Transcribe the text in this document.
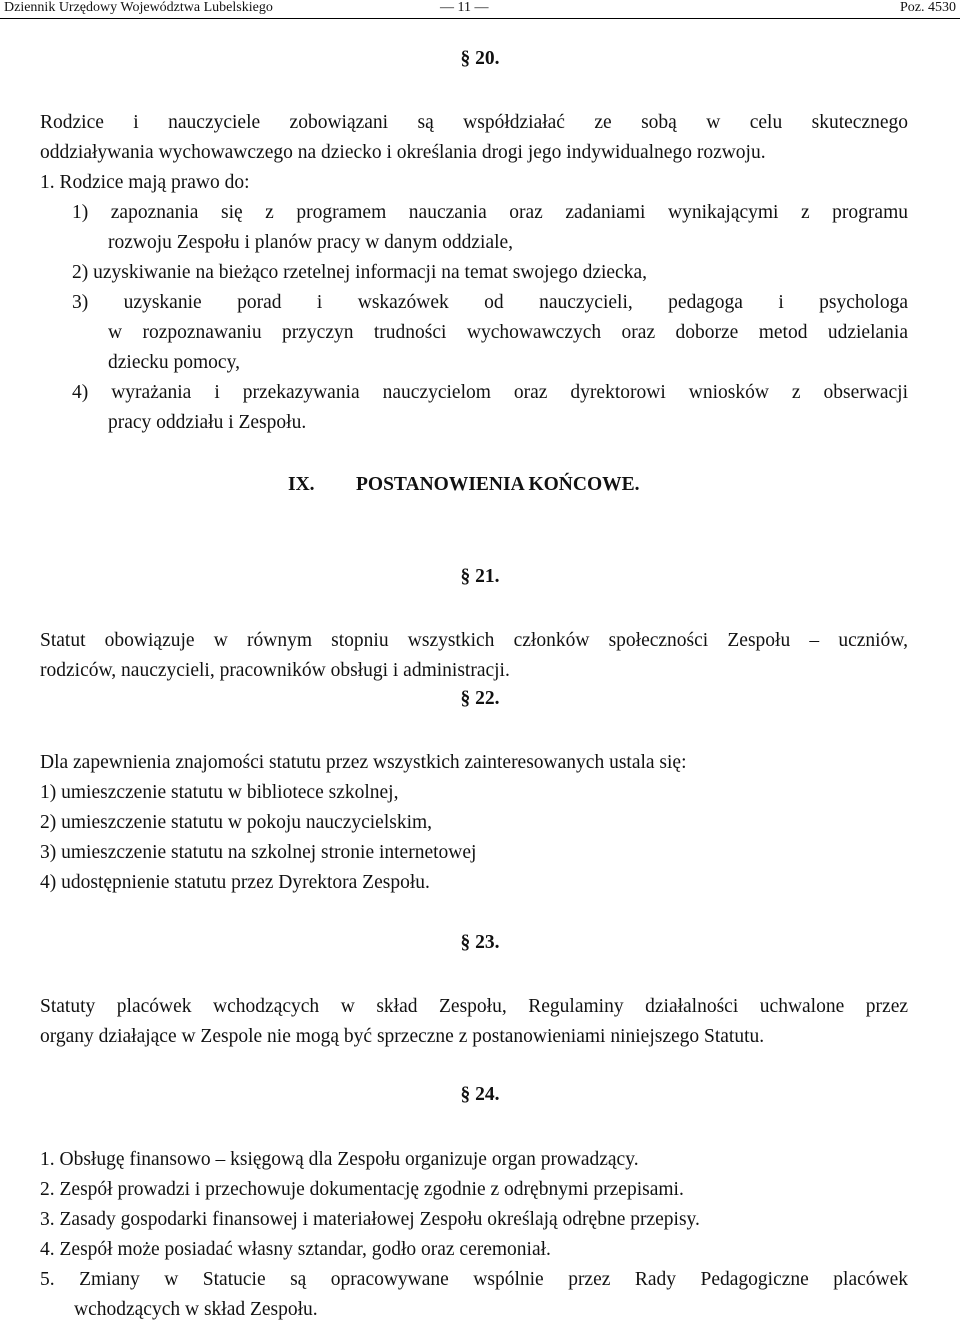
Dziennik Urzędowy Województwa Lubelskiego	— 11 —	Poz. 4530
§ 20.
Rodzice i nauczyciele zobowiązani są współdziałać ze sobą w celu skutecznego
oddziaływania wychowawczego na dziecko i określania drogi jego indywidualnego rozwoju.
1. Rodzice mają prawo do:
1) zapoznania się z programem nauczania oraz zadaniami wynikającymi z programu
rozwoju Zespołu i planów pracy w danym oddziale,
2) uzyskiwanie na bieżąco rzetelnej informacji na temat swojego dziecka,
3) uzyskanie porad i wskazówek od nauczycieli, pedagoga i psychologa
w rozpoznawaniu przyczyn trudności wychowawczych oraz doborze metod udzielania
dziecku pomocy,
4) wyrażania i przekazywania nauczycielom oraz dyrektorowi wniosków z obserwacji
pracy oddziału i Zespołu.
IX. POSTANOWIENIA KOŃCOWE.
§ 21.
Statut obowiązuje w równym stopniu wszystkich członków społeczności Zespołu – uczniów,
rodziców, nauczycieli, pracowników obsługi i administracji.
§ 22.
Dla zapewnienia znajomości statutu przez wszystkich zainteresowanych ustala się:
1) umieszczenie statutu w bibliotece szkolnej,
2) umieszczenie statutu w pokoju nauczycielskim,
3) umieszczenie statutu na szkolnej stronie internetowej
4) udostępnienie statutu przez Dyrektora Zespołu.
§ 23.
Statuty placówek wchodzących w skład Zespołu, Regulaminy działalności uchwalone przez
organy działające w Zespole nie mogą być sprzeczne z postanowieniami niniejszego Statutu.
§ 24.
1. Obsługę finansowo – księgową dla Zespołu organizuje organ prowadzący.
2. Zespół prowadzi i przechowuje dokumentację zgodnie z odrębnymi przepisami.
3. Zasady gospodarki finansowej i materiałowej Zespołu określają odrębne przepisy.
4. Zespół może posiadać własny sztandar, godło oraz ceremoniał.
5. Zmiany w Statucie są opracowywane wspólnie przez Rady Pedagogiczne placówek
wchodzących w skład Zespołu.
